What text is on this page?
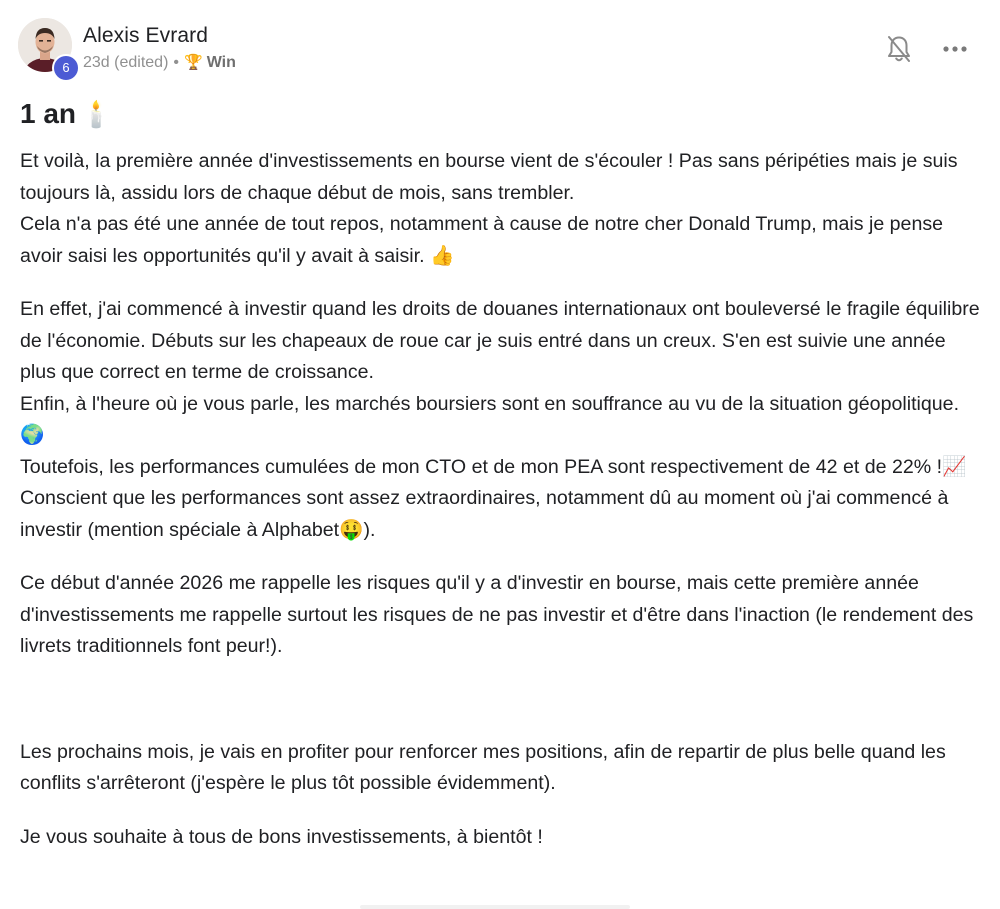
6
Alexis Evrard
23d (edited) • 🏆 Win
1 an 🕯️

Et voilà, la première année d'investissements en bourse vient de s'écouler ! Pas sans péripéties mais je suis toujours là, assidu lors de chaque début de mois, sans trembler.
Cela n'a pas été une année de tout repos, notamment à cause de notre cher Donald Trump, mais je pense avoir saisi les opportunités qu'il y avait à saisir. 👍

En effet, j'ai commencé à investir quand les droits de douanes internationaux ont bouleversé le fragile équilibre de l'économie. Débuts sur les chapeaux de roue car je suis entré dans un creux. S'en est suivie une année plus que correct en terme de croissance.
Enfin, à l'heure où je vous parle, les marchés boursiers sont en souffrance au vu de la situation géopolitique. 🌍
Toutefois, les performances cumulées de mon CTO et de mon PEA sont respectivement de 42 et de 22% !📈
Conscient que les performances sont assez extraordinaires, notamment dû au moment où j'ai commencé à investir (mention spéciale à Alphabet🤑).

Ce début d'année 2026 me rappelle les risques qu'il y a d'investir en bourse, mais cette première année d'investissements me rappelle surtout les risques de ne pas investir et d'être dans l'inaction (le rendement des livrets traditionnels font peur!).

Les prochains mois, je vais en profiter pour renforcer mes positions, afin de repartir de plus belle quand les conflits s'arrêteront (j'espère le plus tôt possible évidemment).

Je vous souhaite à tous de bons investissements, à bientôt !
